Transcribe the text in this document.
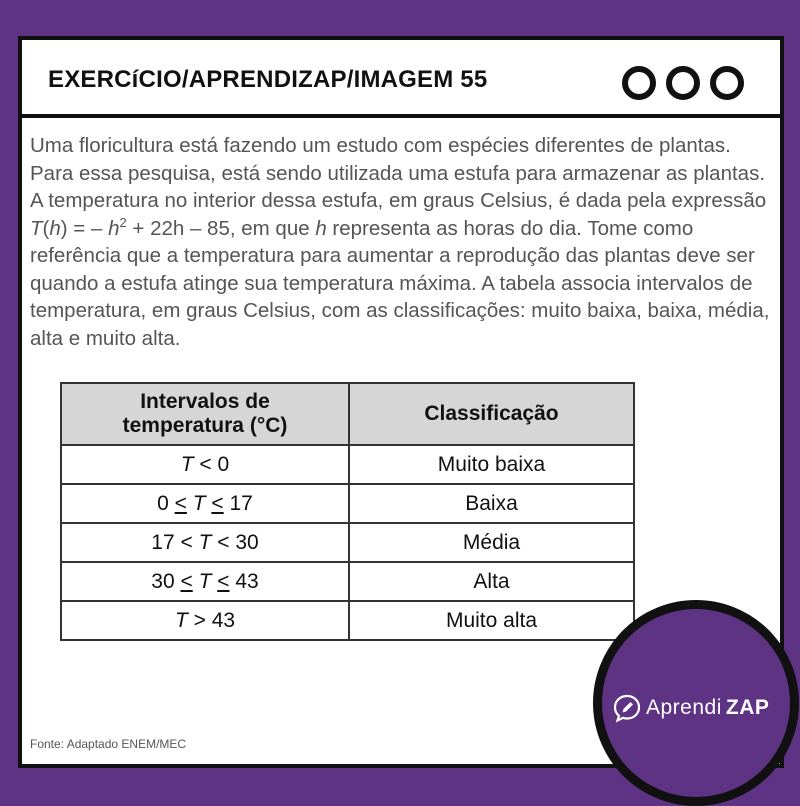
EXERCíCIO/APRENDIZAP/IMAGEM 55
Uma floricultura está fazendo um estudo com espécies diferentes de plantas. Para essa pesquisa, está sendo utilizada uma estufa para armazenar as plantas. A temperatura no interior dessa estufa, em graus Celsius, é dada pela expressão T(h) = – $h^2 + 22h - 85$, em que h representa as horas do dia. Tome como referência que a temperatura para aumentar a reprodução das plantas deve ser quando a estufa atinge sua temperatura máxima. A tabela associa intervalos de temperatura, em graus Celsius, com as classificações: muito baixa, baixa, média, alta e muito alta.
Intervalos de
temperatura (°C)	Classificação
T < 0	Muito baixa
0 < T < 17	Baixa
17 < T < 30	Média
30 < T < 43	Alta
T > 43	Muito alta
Fonte: Adaptado ENEM/MEC
Aprendi ZAP
